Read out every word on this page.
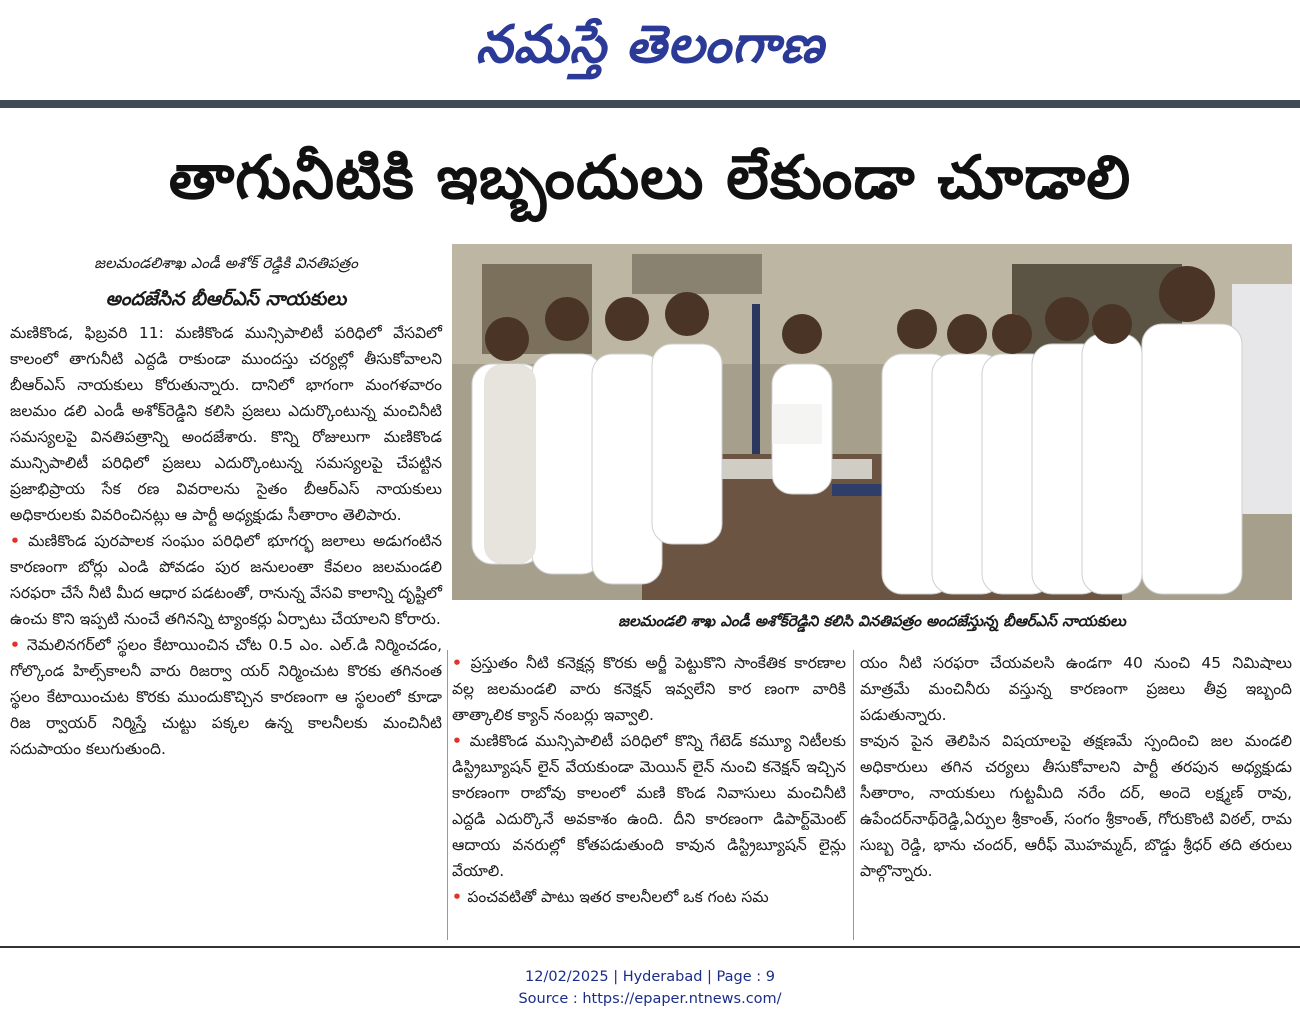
నమస్తే తెలంగాణ
తాగునీటికి ఇబ్బందులు లేకుండా చూడాలి

జలమండలిశాఖ ఎండీ అశోక్ రెడ్డికి వినతిపత్రం

అందజేసిన బీఆర్ఎస్ నాయకులు

మణికొండ, ఫిబ్రవరి 11: మణికొండ మున్సిపాలిటీ పరిధిలో వేసవిలో కాలంలో తాగునీటి ఎద్దడి రాకుండా ముందస్తు చర్యల్లో తీసుకోవాలని బీఆర్ఎస్ నాయకులు కోరుతున్నారు. దానిలో భాగంగా మంగళవారం జలమం డలి ఎండీ అశోక్‌రెడ్డిని కలిసి ప్రజలు ఎదుర్కొంటున్న మంచినీటి సమస్యలపై వినతిపత్రాన్ని అందజేశారు. కొన్ని రోజులుగా మణికొండ మున్సిపాలిటీ పరిధిలో ప్రజలు ఎదుర్కొంటున్న సమస్యలపై చేపట్టిన ప్రజాభిప్రాయ సేక రణ వివరాలను సైతం బీఆర్ఎస్ నాయకులు అధికారులకు వివరించినట్లు ఆ పార్టీ అధ్యక్షుడు సీతారాం తెలిపారు.

• మణికొండ పురపాలక సంఘం పరిధిలో భూగర్భ జలాలు అడుగంటిన కారణంగా బోర్లు ఎండి పోవడం పుర జనులంతా కేవలం జలమండలి సరఫరా చేసే నీటి మీద ఆధార పడటంతో, రానున్న వేసవి కాలాన్ని దృష్టిలో ఉంచు కొని ఇప్పటి నుంచే తగినన్ని ట్యాంకర్లు ఏర్పాటు చేయాలని కోరారు.

• నెమలినగర్‌లో స్థలం కేటాయించిన చోట 0.5 ఎం. ఎల్.డి నిర్మించడం, గోల్కొండ హిల్స్‌కాలనీ వారు రిజర్వా యర్ నిర్మించుట కొరకు తగినంత స్థలం కేటాయించుట కొరకు ముందుకొచ్చిన కారణంగా ఆ స్థలంలో కూడా రిజ ర్వాయర్ నిర్మిస్తే చుట్టు పక్కల ఉన్న కాలనీలకు మంచినీటి సదుపాయం కలుగుతుంది.

జలమండలి శాఖ ఎండీ అశోక్‌రెడ్డిని కలిసి వినతిపత్రం అందజేస్తున్న బీఆర్ఎస్ నాయకులు

• ప్రస్తుతం నీటి కనెక్షన్ల కొరకు అర్జీ పెట్టుకొని సాంకేతిక కారణాల వల్ల జలమండలి వారు కనెక్షన్ ఇవ్వలేని కార ణంగా వారికి తాత్కాలిక క్యాన్ నంబర్లు ఇవ్వాలి.

• మణికొండ మున్సిపాలిటీ పరిధిలో కొన్ని గేటెడ్ కమ్యూ నిటీలకు డిస్ట్రిబ్యూషన్ లైన్ వేయకుండా మెయిన్ లైన్ నుంచి కనెక్షన్ ఇచ్చిన కారణంగా రాబోవు కాలంలో మణి కొండ నివాసులు మంచినీటి ఎద్దడి ఎదుర్కొనే అవకాశం ఉంది. దీని కారణంగా డిపార్ట్‌మెంట్ ఆదాయ వనరుల్లో కోతపడుతుంది కావున డిస్ట్రిబ్యూషన్ లైన్లు వేయాలి.

• పంచవటితో పాటు ఇతర కాలనీలలో ఒక గంట సమ

యం నీటి సరఫరా చేయవలసి ఉండగా 40 నుంచి 45 నిమిషాలు మాత్రమే మంచినీరు వస్తున్న కారణంగా ప్రజలు తీవ్ర ఇబ్బంది పడుతున్నారు.

కావున పైన తెలిపిన విషయాలపై తక్షణమే స్పందించి జల మండలి అధికారులు తగిన చర్యలు తీసుకోవాలని పార్టీ తరపున అధ్యక్షుడు సీతారాం, నాయకులు గుట్టమీది నరేం దర్, అందె లక్ష్మణ్ రావు, ఉపేందర్‌నాథ్‌రెడ్డి,ఏర్పుల శ్రీకాంత్, సంగం శ్రీకాంత్, గోరుకొంటి విఠల్, రామ సుబ్బ రెడ్డి, భాను చందర్, ఆరీఫ్ మొహమ్మద్, బొడ్డు శ్రీధర్ తది తరులు పాల్గొన్నారు.

12/02/2025 | Hyderabad | Page : 9
Source : https://epaper.ntnews.com/
